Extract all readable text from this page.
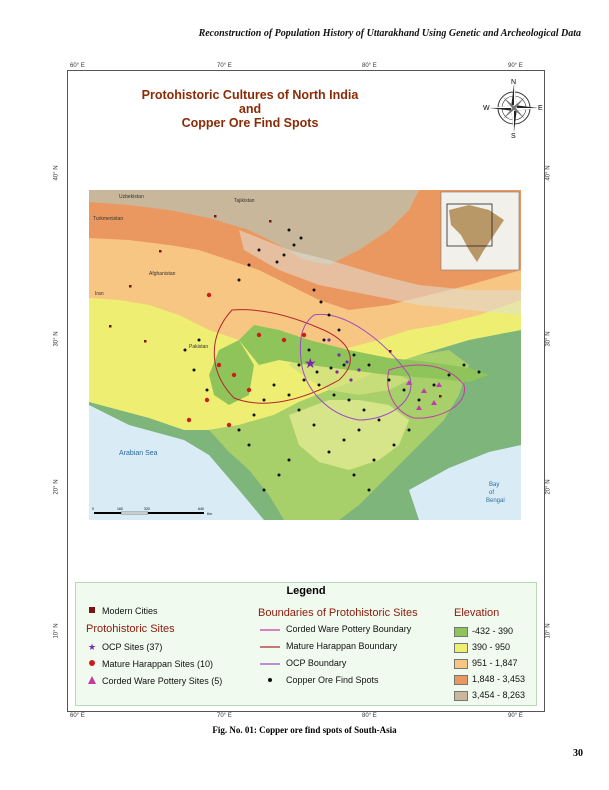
Reconstruction of Population History of Uttarakhand Using Genetic and Archeological Data
60° E	70° E	80° E	90° E
60° E	70° E	80° E	90° E
40° N
30° N
20° N
10° N
40° N
30° N
20° N
10° N
Protohistoric Cultures of North India
and
Copper Ore Find Spots
N
S
E
W
★
Uzbekistan
Tajikistan
Turkmenistan
Afghanistan
Pakistan
Iran
Arabian Sea
Bay
of
Bengal
0	160	320	640
Km
Legend
Modern Cities
Protohistoric Sites
★ OCP Sites (37)
Mature Harappan Sites (10)
Corded Ware Pottery Sites (5)
Boundaries of Protohistoric Sites
Corded Ware Pottery Boundary
Mature Harappan Boundary
OCP Boundary
Copper Ore Find Spots
Elevation
-432 - 390
390 - 950
951 - 1,847
1,848 - 3,453
3,454 - 8,263
Fig. No. 01: Copper ore find spots of South-Asia
30
